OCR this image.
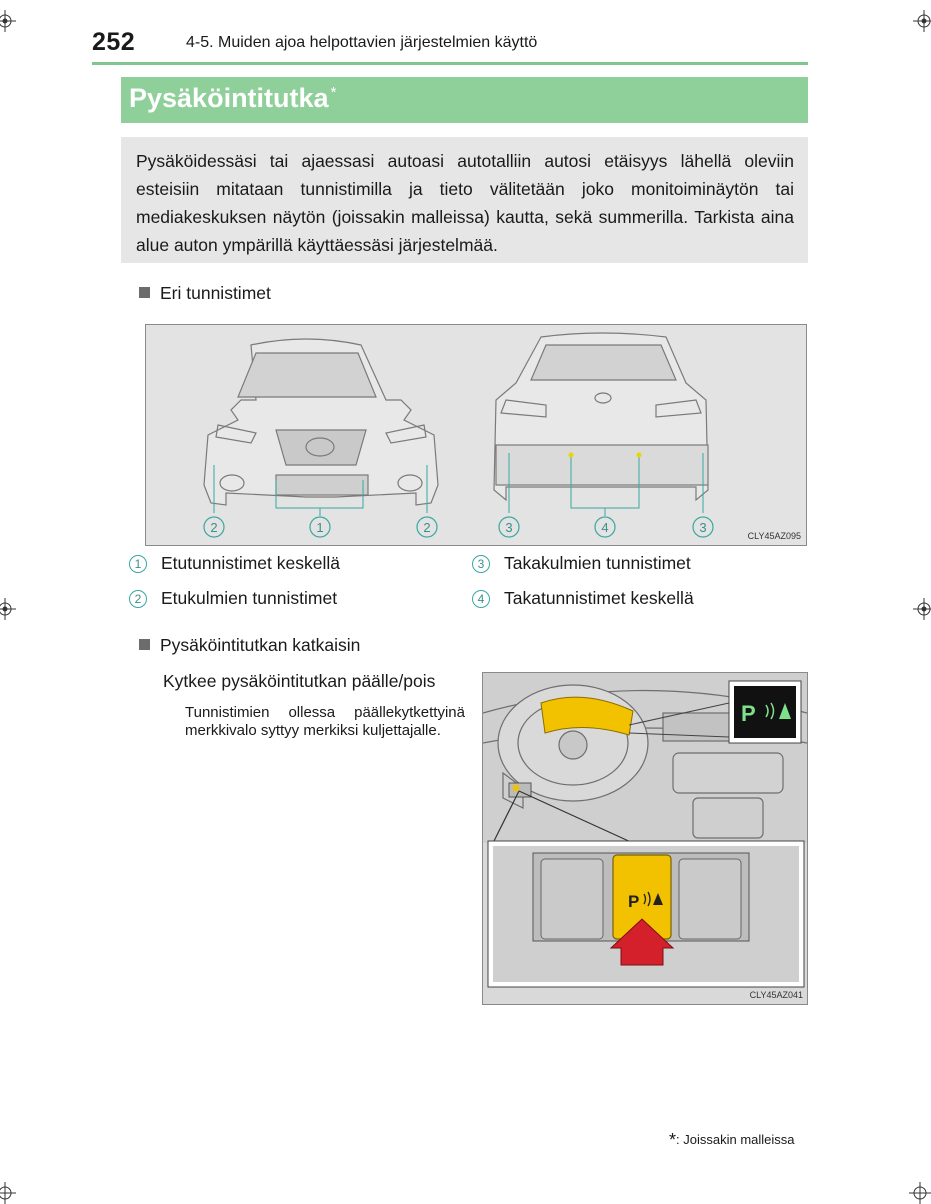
252	4-5. Muiden ajoa helpottavien järjestelmien käyttö
Pysäköintitutka *

Pysäköidessäsi tai ajaessasi autoasi autotalliin autosi etäisyys lähellä oleviin esteisiin mitataan tunnistimilla ja tieto välitetään joko monitoiminäytön tai mediakeskuksen näytön (joissakin malleissa) kautta, sekä summerilla. Tarkista aina alue auton ympärillä käyttäessäsi järjestelmää.

Eri tunnistimet
2	1	2	3	4	3
CLY45AZ095
1	Etutunnistimet keskellä
2	Etukulmien tunnistimet
3	Takakulmien tunnistimet
4	Takatunnistimet keskellä
Pysäköintitutkan katkaisin
Kytkee pysäköintitutkan päälle/pois
Tunnistimien ollessa päällekytkettyinä merkkivalo syttyy merkiksi kuljettajalle.
P
P
CLY45AZ041
*: Joissakin malleissa
